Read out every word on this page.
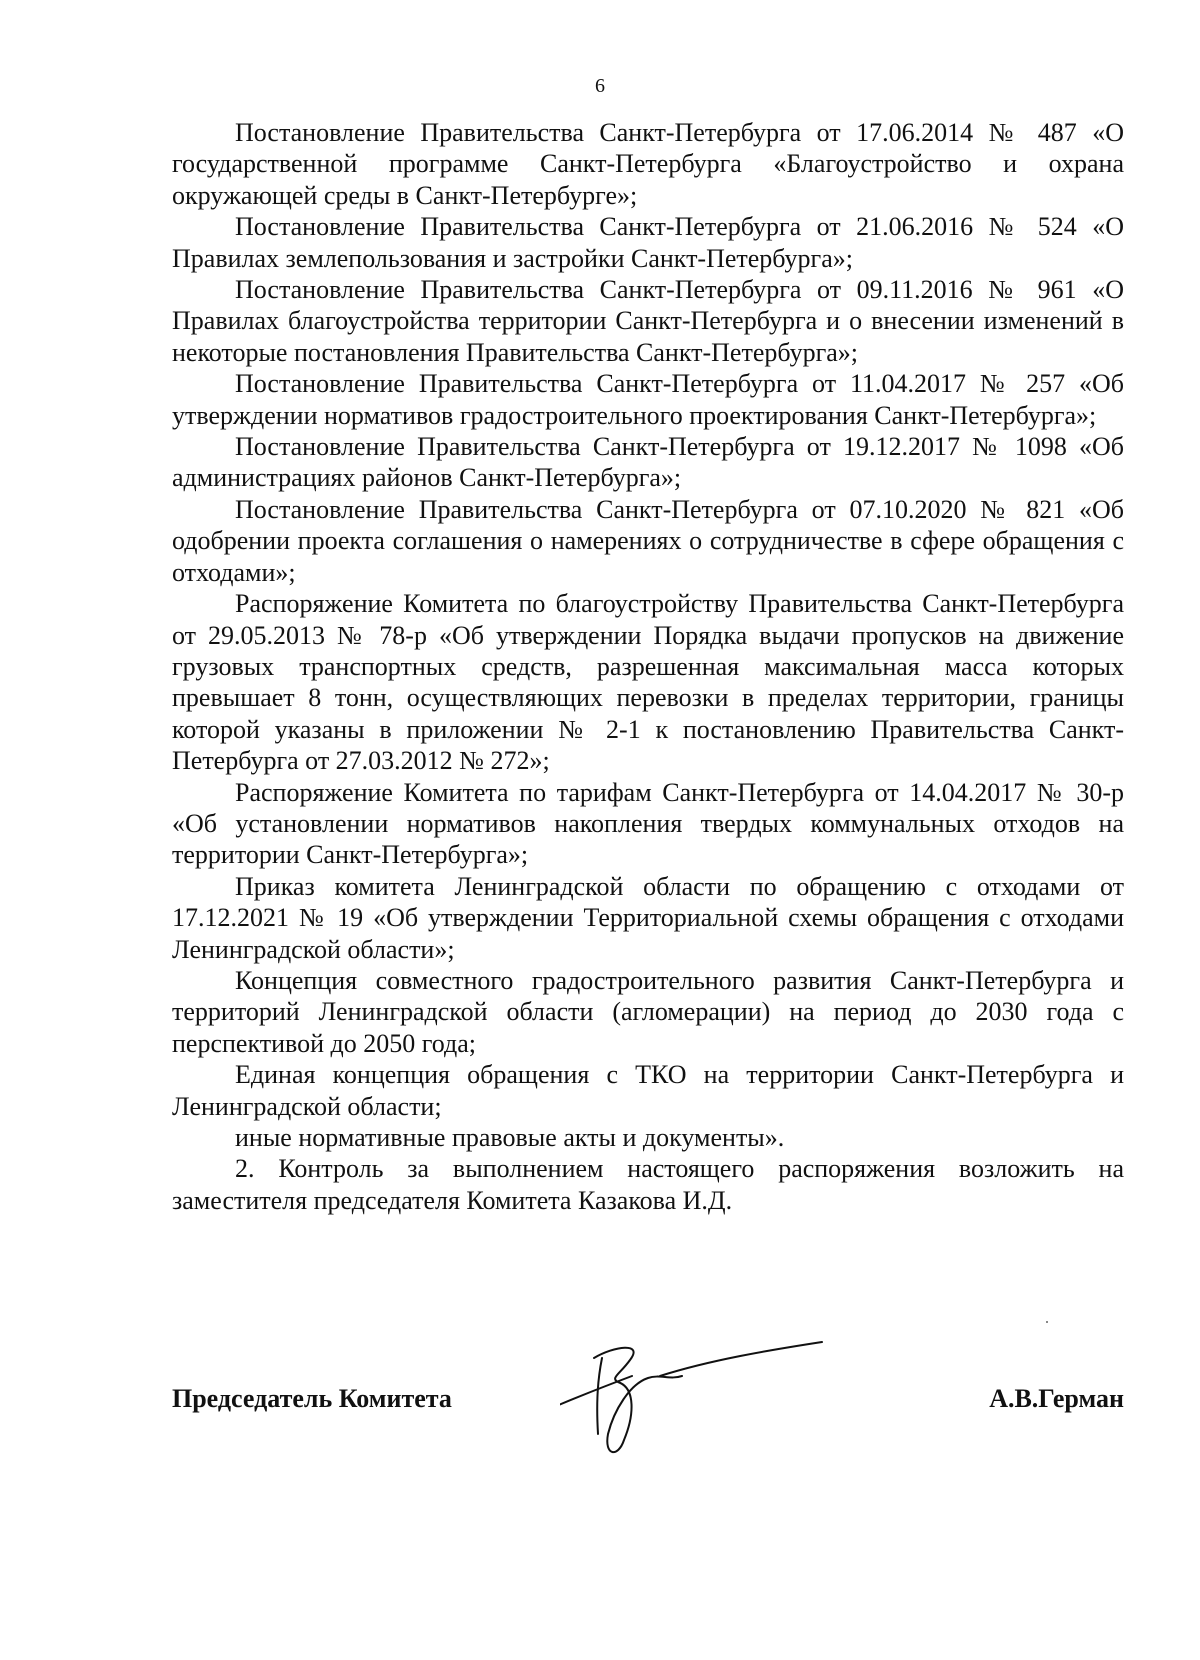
6

Постановление Правительства Санкт-Петербурга от 17.06.2014 № 487 «О государственной программе Санкт-Петербурга «Благоустройство и охрана окружающей среды в Санкт-Петербурге»;

Постановление Правительства Санкт-Петербурга от 21.06.2016 № 524 «О Правилах землепользования и застройки Санкт-Петербурга»;

Постановление Правительства Санкт-Петербурга от 09.11.2016 № 961 «О Правилах благоустройства территории Санкт-Петербурга и о внесении изменений в некоторые постановления Правительства Санкт-Петербурга»;

Постановление Правительства Санкт-Петербурга от 11.04.2017 № 257 «Об утверждении нормативов градостроительного проектирования Санкт-Петербурга»;

Постановление Правительства Санкт-Петербурга от 19.12.2017 № 1098 «Об администрациях районов Санкт-Петербурга»;

Постановление Правительства Санкт-Петербурга от 07.10.2020 № 821 «Об одобрении проекта соглашения о намерениях о сотрудничестве в сфере обращения с отходами»;

Распоряжение Комитета по благоустройству Правительства Санкт-Петербурга от 29.05.2013 № 78-р «Об утверждении Порядка выдачи пропусков на движение грузовых транспортных средств, разрешенная максимальная масса которых превышает 8 тонн, осуществляющих перевозки в пределах территории, границы которой указаны в приложении № 2-1 к постановлению Правительства Санкт-Петербурга от 27.03.2012 № 272»;

Распоряжение Комитета по тарифам Санкт-Петербурга от 14.04.2017 № 30-р «Об установлении нормативов накопления твердых коммунальных отходов на территории Санкт-Петербурга»;

Приказ комитета Ленинградской области по обращению с отходами от 17.12.2021 № 19 «Об утверждении Территориальной схемы обращения с отходами Ленинградской области»;

Концепция совместного градостроительного развития Санкт-Петербурга и территорий Ленинградской области (агломерации) на период до 2030 года с перспективой до 2050 года;

Единая концепция обращения с ТКО на территории Санкт-Петербурга и Ленинградской области;

иные нормативные правовые акты и документы».

2. Контроль за выполнением настоящего распоряжения возложить на заместителя председателя Комитета Казакова И.Д.

Председатель Комитета	А.В.Герман
